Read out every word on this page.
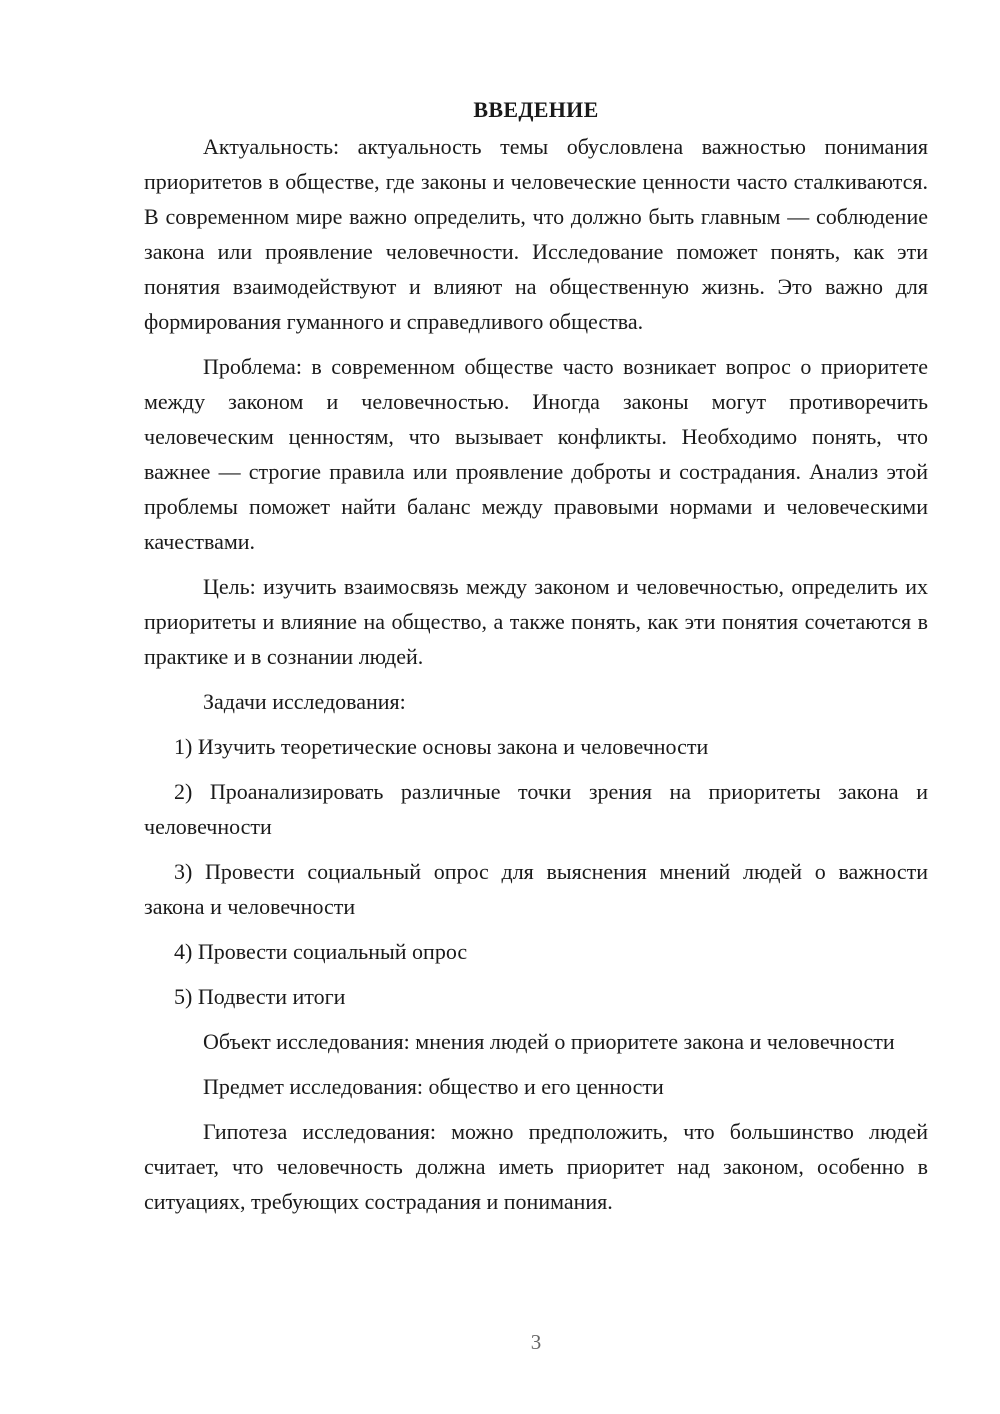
ВВЕДЕНИЕ

Актуальность: актуальность темы обусловлена важностью понимания приоритетов в обществе, где законы и человеческие ценности часто сталкиваются. В современном мире важно определить, что должно быть главным — соблюдение закона или проявление человечности. Исследование поможет понять, как эти понятия взаимодействуют и влияют на общественную жизнь. Это важно для формирования гуманного и справедливого общества.

Проблема: в современном обществе часто возникает вопрос о приоритете между законом и человечностью. Иногда законы могут противоречить человеческим ценностям, что вызывает конфликты. Необходимо понять, что важнее — строгие правила или проявление доброты и сострадания. Анализ этой проблемы поможет найти баланс между правовыми нормами и человеческими качествами.

Цель: изучить взаимосвязь между законом и человечностью, определить их приоритеты и влияние на общество, а также понять, как эти понятия сочетаются в практике и в сознании людей.

Задачи исследования:

1) Изучить теоретические основы закона и человечности

2) Проанализировать различные точки зрения на приоритеты закона и человечности

3) Провести социальный опрос для выяснения мнений людей о важности закона и человечности

4) Провести социальный опрос

5) Подвести итоги

Объект исследования: мнения людей о приоритете закона и человечности

Предмет исследования: общество и его ценности

Гипотеза исследования: можно предположить, что большинство людей считает, что человечность должна иметь приоритет над законом, особенно в ситуациях, требующих сострадания и понимания.

3
